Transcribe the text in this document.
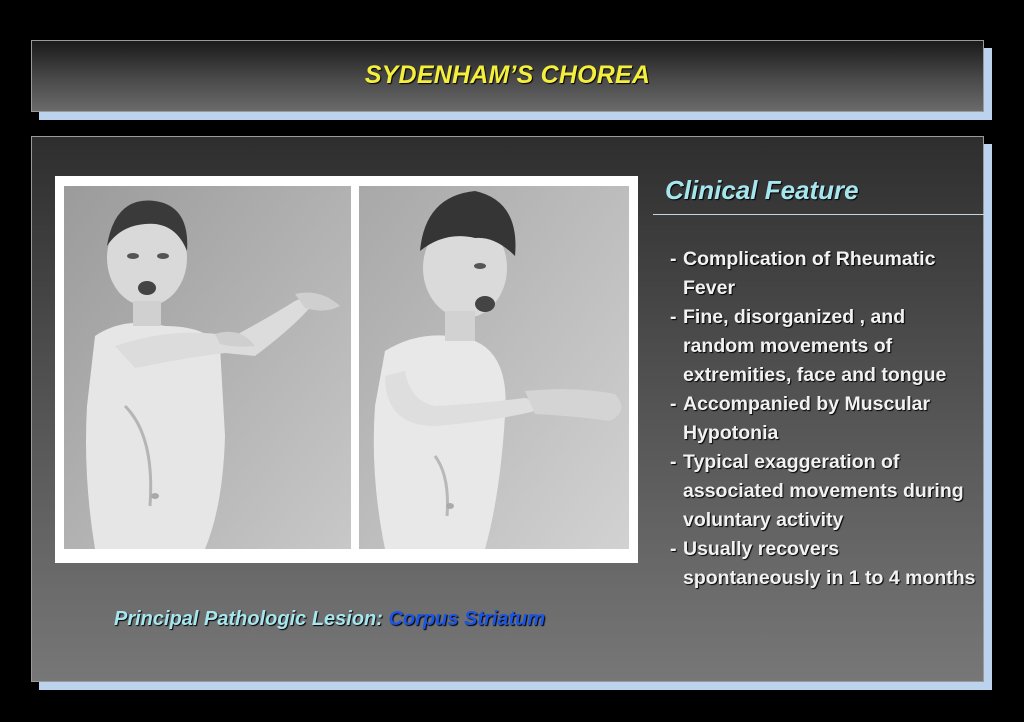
SYDENHAM’S CHOREA
Clinical Feature
- Complication of Rheumatic Fever
- Fine, disorganized , and random movements of extremities, face and tongue
- Accompanied by Muscular Hypotonia
- Typical exaggeration of associated movements during voluntary activity
- Usually recovers spontaneously in 1 to 4 months
Principal Pathologic Lesion: Corpus Striatum
